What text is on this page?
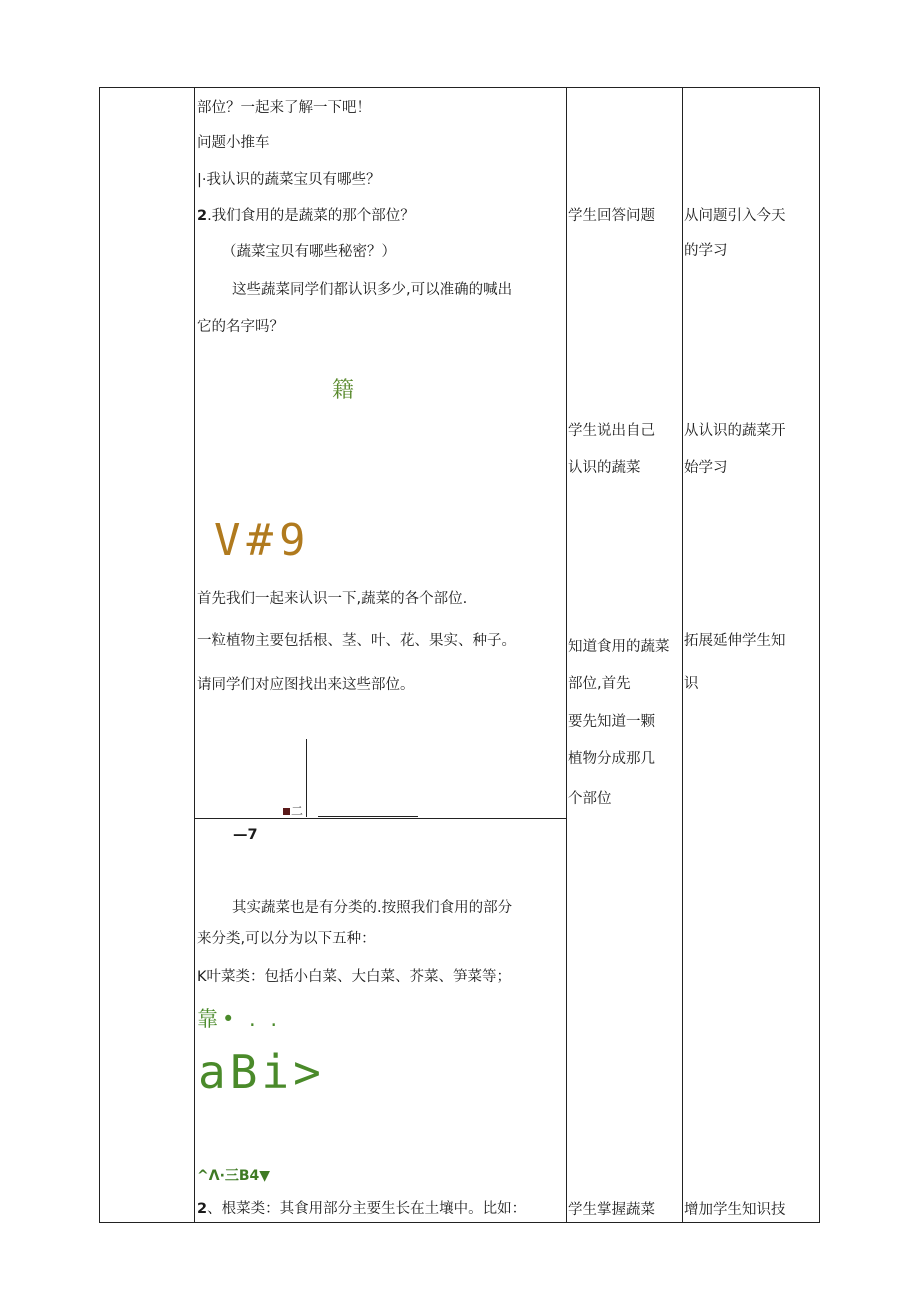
部位？一起来了解一下吧！
问题小推车
|·我认识的蔬菜宝贝有哪些？
2.我们食用的是蔬菜的那个部位？
（蔬菜宝贝有哪些秘密？）
这些蔬菜同学们都认识多少,可以准确的喊出
它的名字吗？
籍
V#9
首先我们一起来认识一下,蔬菜的各个部位.
一粒植物主要包括根、茎、叶、花、果实、种子。
请同学们对应图找出来这些部位。
二
—7
其实蔬菜也是有分类的.按照我们食用的部分
来分类,可以分为以下五种：
K叶菜类：包括小白菜、大白菜、芥菜、笋菜等；
靠• . .
aBi>
^Λ·三B4▼
2、根菜类：其食用部分主要生长在土壤中。比如：
学生回答问题
学生说出自己
认识的蔬菜
知道食用的蔬菜
部位,首先
要先知道一颗
植物分成那几
个部位
学生掌握蔬菜
从问题引入今天
的学习
从认识的蔬菜开
始学习
拓展延伸学生知
识
增加学生知识技
